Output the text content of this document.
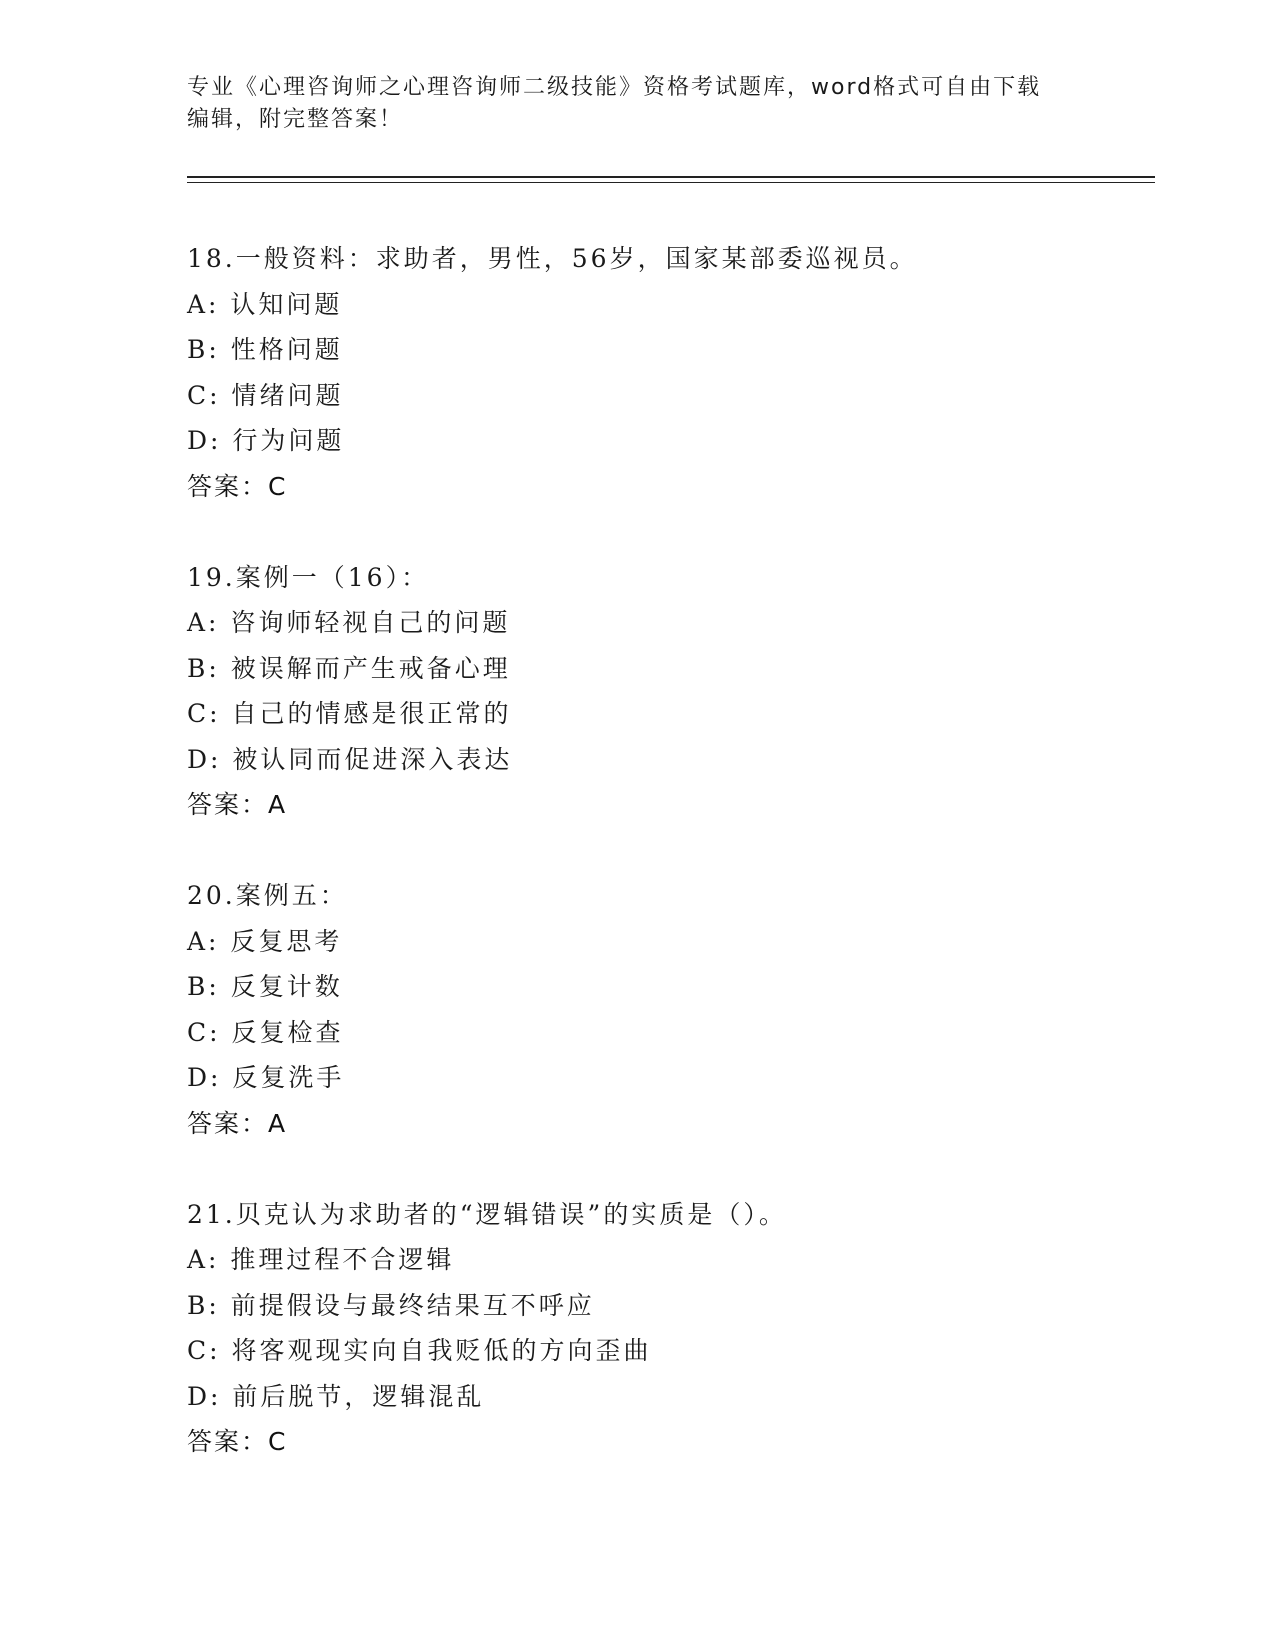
专业《心理咨询师之心理咨询师二级技能》资格考试题库，word格式可自由下载
编辑，附完整答案！
18.一般资料：求助者，男性，56岁，国家某部委巡视员。
A: 认知问题
B: 性格问题
C: 情绪问题
D: 行为问题
答案：C
19.案例一（16）：
A: 咨询师轻视自己的问题
B: 被误解而产生戒备心理
C: 自己的情感是很正常的
D: 被认同而促进深入表达
答案：A
20.案例五：
A: 反复思考
B: 反复计数
C: 反复检查
D: 反复洗手
答案：A
21.贝克认为求助者的“逻辑错误”的实质是（）。
A: 推理过程不合逻辑
B: 前提假设与最终结果互不呼应
C: 将客观现实向自我贬低的方向歪曲
D: 前后脱节，逻辑混乱
答案：C
